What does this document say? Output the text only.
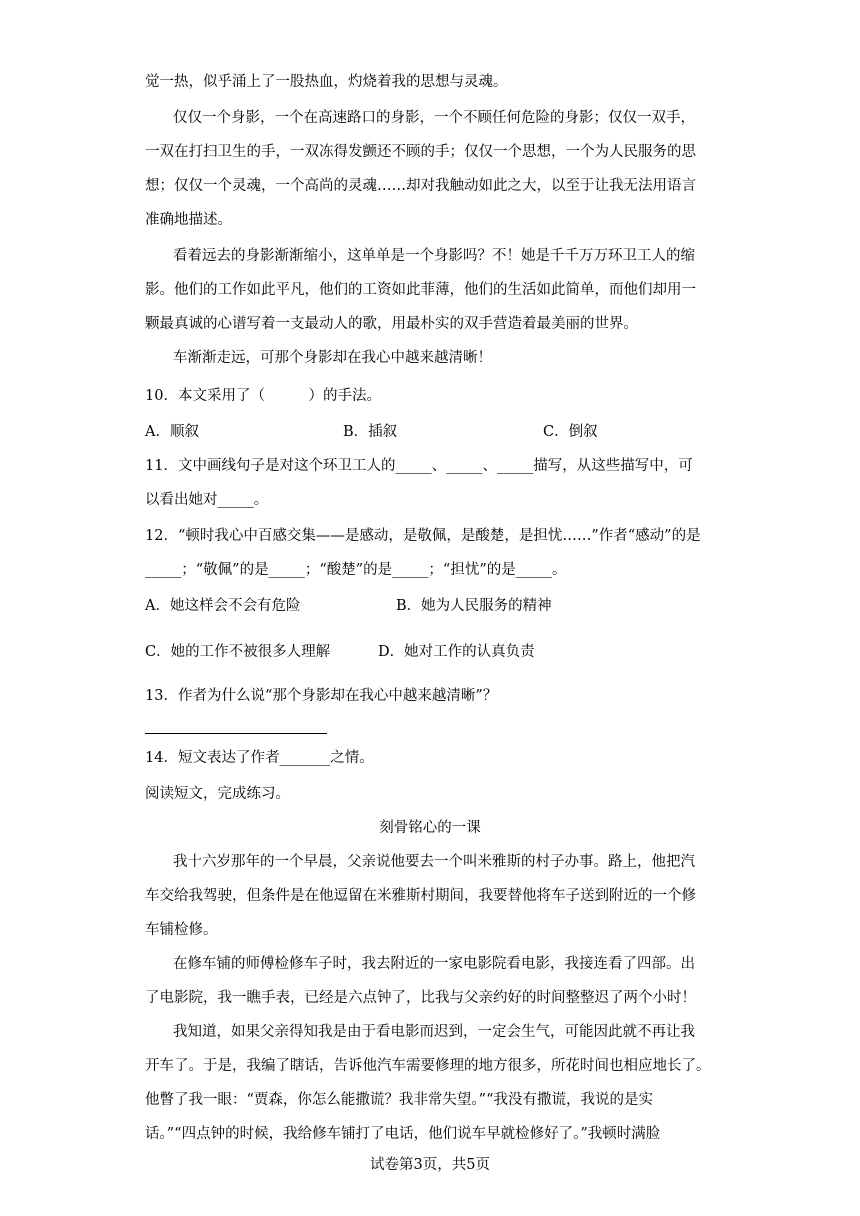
觉一热，似乎涌上了一股热血，灼烧着我的思想与灵魂。
仅仅一个身影，一个在高速路口的身影，一个不顾任何危险的身影；仅仅一双手，
一双在打扫卫生的手，一双冻得发颤还不顾的手；仅仅一个思想，一个为人民服务的思
想；仅仅一个灵魂，一个高尚的灵魂……却对我触动如此之大，以至于让我无法用语言
准确地描述。
看着远去的身影渐渐缩小，这单单是一个身影吗？不！她是千千万万环卫工人的缩
影。他们的工作如此平凡，他们的工资如此菲薄，他们的生活如此简单，而他们却用一
颗最真诚的心谱写着一支最动人的歌，用最朴实的双手营造着最美丽的世界。
车渐渐走远，可那个身影却在我心中越来越清晰！
10．本文采用了（　　　）的手法。
A．顺叙	B．插叙	C．倒叙
11．文中画线句子是对这个环卫工人的_____、_____、_____描写，从这些描写中，可
以看出她对_____。
12．“顿时我心中百感交集——是感动，是敬佩，是酸楚，是担忧……”作者“感动”的是
_____；“敬佩”的是_____；“酸楚”的是_____；“担忧”的是_____。
A．她这样会不会有危险	B．她为人民服务的精神
C．她的工作不被很多人理解	D．她对工作的认真负责
13．作者为什么说“那个身影却在我心中越来越清晰”？
14．短文表达了作者_______之情。
阅读短文，完成练习。
刻骨铭心的一课
我十六岁那年的一个早晨，父亲说他要去一个叫米雅斯的村子办事。路上，他把汽
车交给我驾驶，但条件是在他逗留在米雅斯村期间，我要替他将车子送到附近的一个修
车铺检修。
在修车铺的师傅检修车子时，我去附近的一家电影院看电影，我接连看了四部。出
了电影院，我一瞧手表，已经是六点钟了，比我与父亲约好的时间整整迟了两个小时！
我知道，如果父亲得知我是由于看电影而迟到，一定会生气，可能因此就不再让我
开车了。于是，我编了瞎话，告诉他汽车需要修理的地方很多，所花时间也相应地长了。
他瞥了我一眼：“贾森，你怎么能撒谎？我非常失望。”“我没有撒谎，我说的是实
话。”“四点钟的时候，我给修车铺打了电话，他们说车早就检修好了。”我顿时满脸
试卷第3页，共5页
